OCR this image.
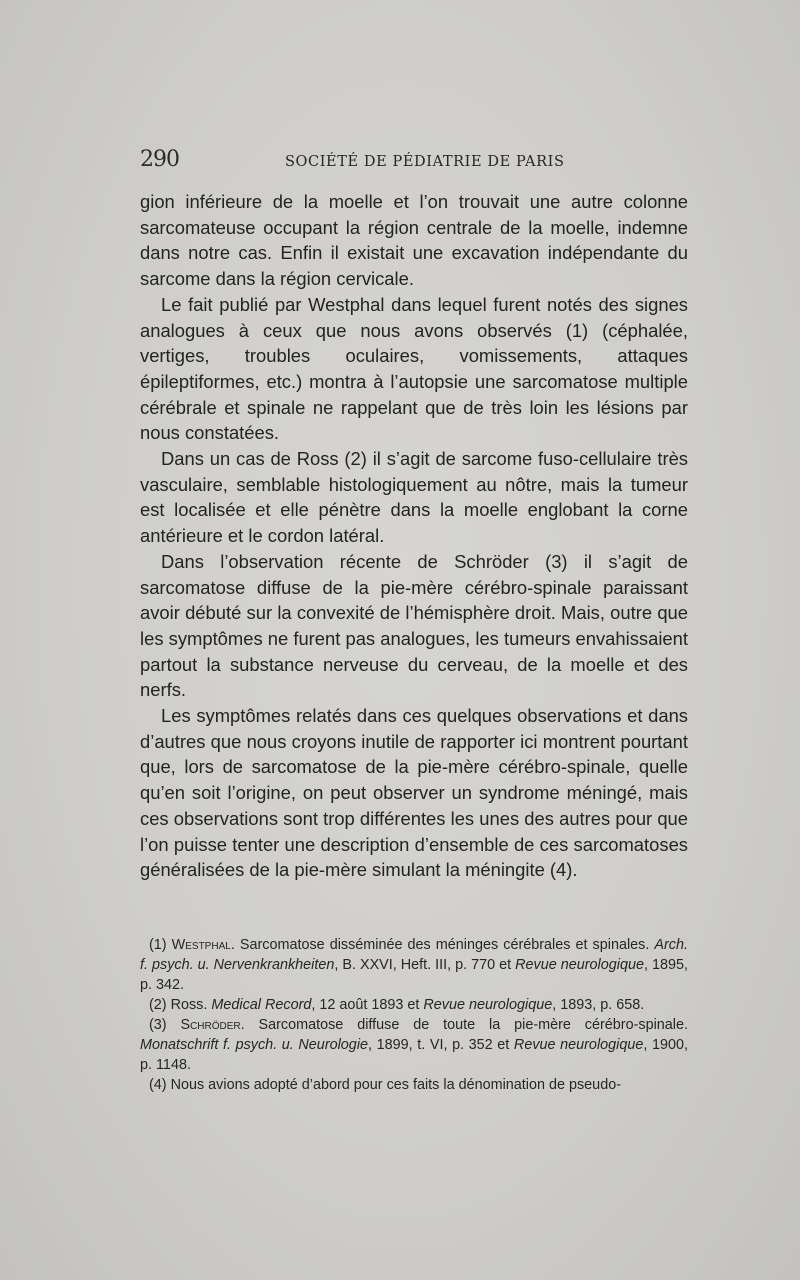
290	SOCIÉTÉ DE PÉDIATRIE DE PARIS

gion inférieure de la moelle et l’on trouvait une autre colonne sarcomateuse occupant la région centrale de la moelle, indemne dans notre cas. Enfin il existait une excavation indépendante du sarcome dans la région cervicale.

Le fait publié par Westphal dans lequel furent notés des signes analogues à ceux que nous avons observés (1) (céphalée, vertiges, troubles oculaires, vomissements, attaques épileptiformes, etc.) montra à l’autopsie une sarcomatose multiple cérébrale et spinale ne rappelant que de très loin les lésions par nous constatées.

Dans un cas de Ross (2) il s’agit de sarcome fuso-cellulaire très vasculaire, semblable histologiquement au nôtre, mais la tumeur est localisée et elle pénètre dans la moelle englobant la corne antérieure et le cordon latéral.

Dans l’observation récente de Schröder (3) il s’agit de sarcomatose diffuse de la pie-mère cérébro-spinale paraissant avoir débuté sur la convexité de l’hémisphère droit. Mais, outre que les symptômes ne furent pas analogues, les tumeurs envahissaient partout la substance nerveuse du cerveau, de la moelle et des nerfs.

Les symptômes relatés dans ces quelques observations et dans d’autres que nous croyons inutile de rapporter ici montrent pourtant que, lors de sarcomatose de la pie-mère cérébro-spinale, quelle qu’en soit l’origine, on peut observer un syndrome méningé, mais ces observations sont trop différentes les unes des autres pour que l’on puisse tenter une description d’ensemble de ces sarcomatoses généralisées de la pie-mère simulant la méningite (4).

(1) Westphal. Sarcomatose disséminée des méninges cérébrales et spinales. Arch. f. psych. u. Nervenkrankheiten, B. XXVI, Heft. III, p. 770 et Revue neurologique, 1895, p. 342.

(2) Ross. Medical Record, 12 août 1893 et Revue neurologique, 1893, p. 658.

(3) Schröder. Sarcomatose diffuse de toute la pie-mère cérébro-spinale. Monatschrift f. psych. u. Neurologie, 1899, t. VI, p. 352 et Revue neurologique, 1900, p. 1148.

(4) Nous avions adopté d’abord pour ces faits la dénomination de pseudo-
